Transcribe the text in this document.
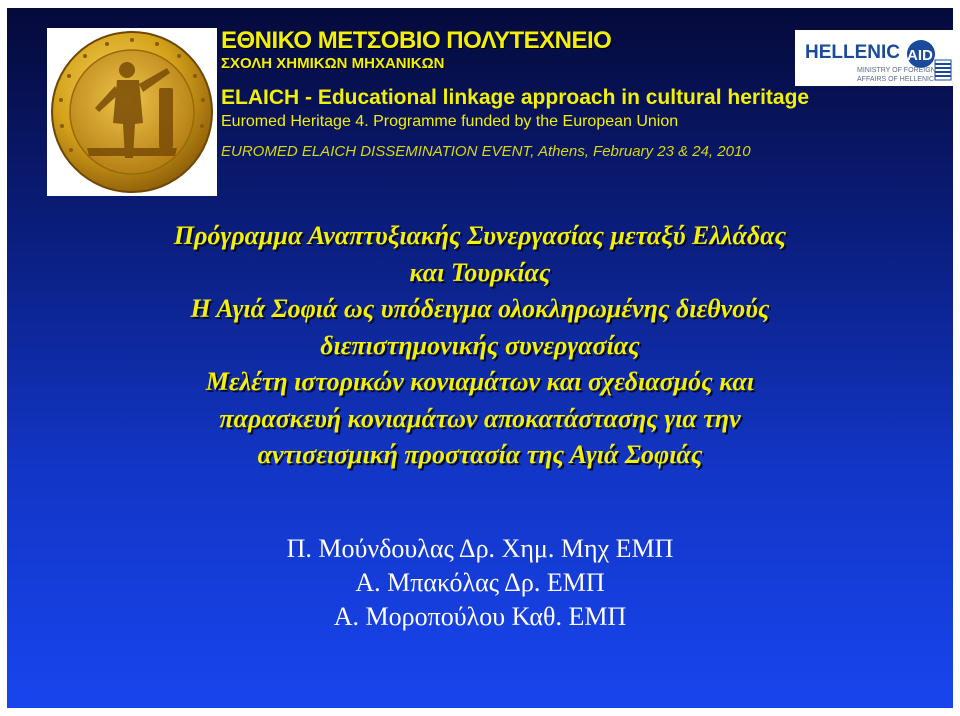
HELLENIC AID
MINISTRY OF FOREIGN
AFFAIRS OF HELLENIC
ΕΘΝΙΚΟ ΜΕΤΣΟΒΙΟ ΠΟΛΥΤΕΧΝΕΙΟ
ΣΧΟΛΗ ΧΗΜΙΚΩΝ ΜΗΧΑΝΙΚΩΝ
ELAICH - Educational linkage approach in cultural heritage
Euromed Heritage 4. Programme funded by the European Union
EUROMED ELAICH DISSEMINATION EVENT, Athens, February 23 & 24, 2010
Πρόγραμμα Αναπτυξιακής Συνεργασίας μεταξύ Ελλάδας
και Τουρκίας
Η Αγιά Σοφιά ως υπόδειγμα ολοκληρωμένης διεθνούς
διεπιστημονικής συνεργασίας
Μελέτη ιστορικών κονιαμάτων και σχεδιασμός και
παρασκευή κονιαμάτων αποκατάστασης για την
αντισεισμική προστασία της Αγιά Σοφιάς
Π. Μούνδουλας Δρ. Χημ. Μηχ ΕΜΠ
Α. Μπακόλας Δρ. ΕΜΠ
Α. Μοροπούλου Καθ. ΕΜΠ
